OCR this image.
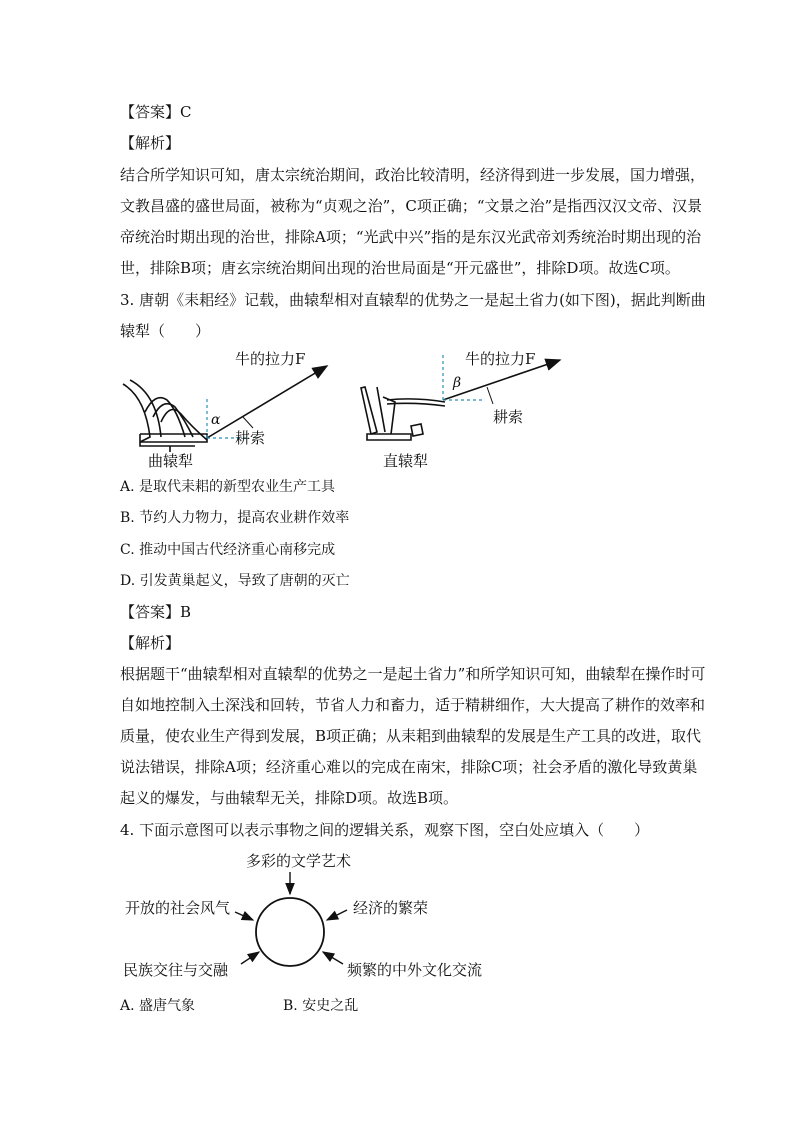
【答案】C
【解析】
结合所学知识可知，唐太宗统治期间，政治比较清明，经济得到进一步发展，国力增强，
文教昌盛的盛世局面，被称为“贞观之治”，C项正确；“文景之治”是指西汉汉文帝、汉景
帝统治时期出现的治世，排除A项；“光武中兴”指的是东汉光武帝刘秀统治时期出现的治
世，排除B项；唐玄宗统治期间出现的治世局面是“开元盛世”，排除D项。故选C项。
3. 唐朝《耒耜经》记载，曲辕犁相对直辕犁的优势之一是起土省力(如下图)，据此判断曲
辕犁（　　）
牛的拉力F
α
耕索
曲辕犁
牛的拉力F
β
耕索
直辕犁
A. 是取代耒耜的新型农业生产工具
B. 节约人力物力，提高农业耕作效率
C. 推动中国古代经济重心南移完成
D. 引发黄巢起义，导致了唐朝的灭亡
【答案】B
【解析】
根据题干“曲辕犁相对直辕犁的优势之一是起土省力”和所学知识可知，曲辕犁在操作时可
自如地控制入土深浅和回转，节省人力和畜力，适于精耕细作，大大提高了耕作的效率和
质量，使农业生产得到发展，B项正确；从耒耜到曲辕犁的发展是生产工具的改进，取代
说法错误，排除A项；经济重心难以的完成在南宋，排除C项；社会矛盾的激化导致黄巢
起义的爆发，与曲辕犁无关，排除D项。故选B项。
4. 下面示意图可以表示事物之间的逻辑关系，观察下图，空白处应填入（　　）
多彩的文学艺术
开放的社会风气	经济的繁荣
民族交往与交融	频繁的中外文化交流
A. 盛唐气象	B. 安史之乱
